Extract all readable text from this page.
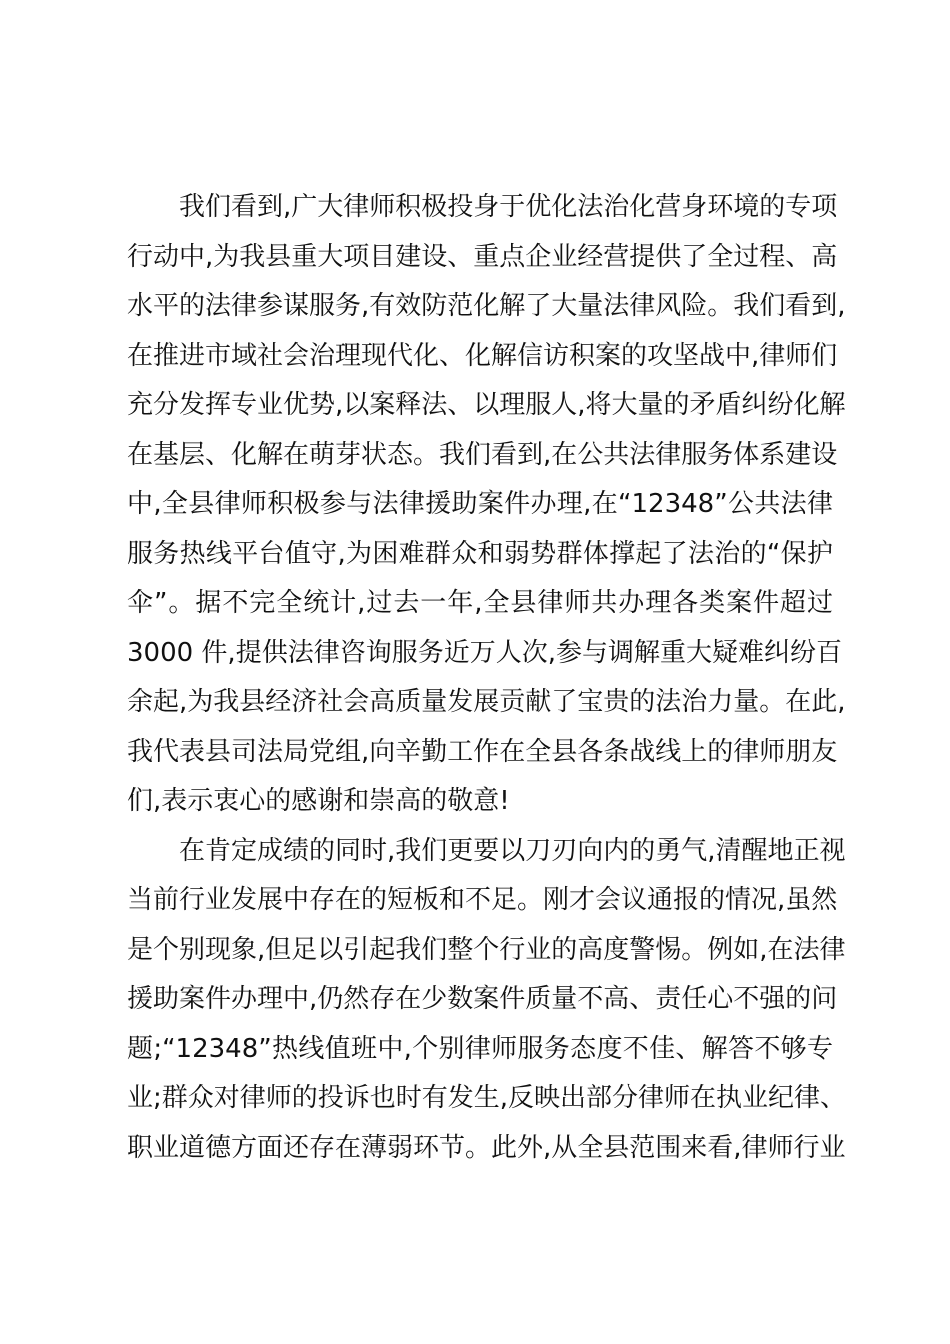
我们看到,广大律师积极投身于优化法治化营身环境的专项
行动中,为我县重大项目建设、重点企业经营提供了全过程、高
水平的法律参谋服务,有效防范化解了大量法律风险。我们看到,
在推进市域社会治理现代化、化解信访积案的攻坚战中,律师们
充分发挥专业优势,以案释法、以理服人,将大量的矛盾纠纷化解
在基层、化解在萌芽状态。我们看到,在公共法律服务体系建设
中,全县律师积极参与法律援助案件办理,在“12348”公共法律
服务热线平台值守,为困难群众和弱势群体撑起了法治的“保护
伞”。据不完全统计,过去一年,全县律师共办理各类案件超过
3000 件,提供法律咨询服务近万人次,参与调解重大疑难纠纷百
余起,为我县经济社会高质量发展贡献了宝贵的法治力量。在此,
我代表县司法局党组,向辛勤工作在全县各条战线上的律师朋友
们,表示衷心的感谢和崇高的敬意!
在肯定成绩的同时,我们更要以刀刃向内的勇气,清醒地正视
当前行业发展中存在的短板和不足。刚才会议通报的情况,虽然
是个别现象,但足以引起我们整个行业的高度警惕。例如,在法律
援助案件办理中,仍然存在少数案件质量不高、责任心不强的问
题;“12348”热线值班中,个别律师服务态度不佳、解答不够专
业;群众对律师的投诉也时有发生,反映出部分律师在执业纪律、
职业道德方面还存在薄弱环节。此外,从全县范围来看,律师行业
